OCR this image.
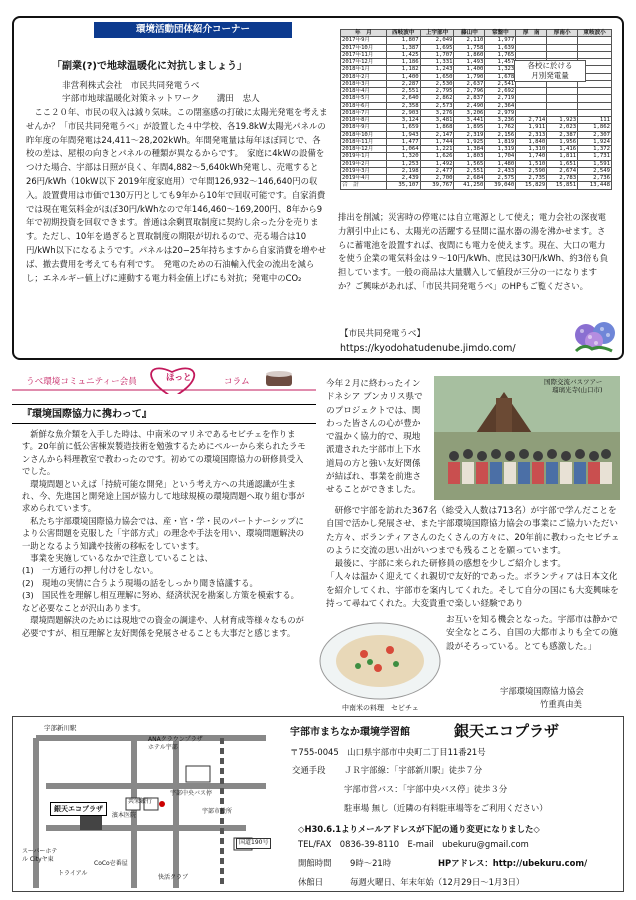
環境活動団体紹介コーナー
「副業(?)で地球温暖化に対抗しましょう」
非営利株式会社　市民共同発電うべ
宇部市地球温暖化対策ネットワーク　　溝田　忠人
ここ２０年、市民の収入は減り気味。この閉塞感の打破に太陽光発電を考えませんか？「市民共同発電うべ」が設置した４中学校、各19.8kW太陽光パネルの昨年度の年間発電は24,411〜28,202kWh。年間発電量は毎年ほぼ同じで、各校の差は、屋根の向きとパネルの種類が異なるからです。　家庭に4kWの設備をつけた場合、宇部は日照が良く、年間4,882〜5,640kWh発電し、売電すると26円/kWh（10kW以下 2019年度家庭用）で年間126,932〜146,640円の収入。設置費用は市価で130万円としても9年から10年で回収可能です。自家消費では現在電気料金がほぼ30円/kWhなので年146,460〜169,200円、8年から9年で初期投資を回収できます。普通は余剰買取制度に契約し余った分を売ります。ただし、10年を過ぎると買取制度の期限が切れるので、売る場合は10円/kWh以下になるようです。パネルは20−25年持ちますから自家消費を増やせば、撤去費用を考えても有利です。　発電のための石油輸入代金の流出を減らし；エネルギー値上げに連動する電力料金値上げにも対抗；発電中のCO₂
排出を削減；災害時の停電には自立電源として使え；電力会社の深夜電力割引中止にも、太陽光の活躍する昼間に温水器の湯を沸かせます。さらに蓄電池を設置すれば、夜間にも電力を使えます。現在、大口の電力を使う企業の電気料金は９〜10円/kWh、庶民は30円/kWh、約3倍も負担しています。一般の商品は大量購入して値段が三分の一になりますか？ご興味があれば、「市民共同発電うべ」のHPもご覧ください。
【市民共同発電うべ】
https://kyodohatudenube.jimdo.com/
年　月	西岐波中	上宇部中	藤山中	常盤中	厚　南	厚南小	東岐波小
2017年9月	1,807	2,049	2,110	1,977			
2017年10月	1,387	1,695	1,758	1,639			
2017年11月	1,425	1,707	1,860	1,765			
2017年12月	1,186	1,331	1,493	1,457			
2018年1月	1,182	1,243	1,400	1,323			
2018年2月	1,400	1,650	1,790	1,678			
2018年3月	2,287	2,530	2,637	2,541			
2018年4月	2,551	2,795	2,796	2,692			
2018年5月	2,640	2,862	2,837	2,719			
2018年6月	2,358	2,573	2,490	2,364			
2018年7月	2,903	3,276	3,206	2,979			
2018年8月	3,124	3,481	3,441	3,236	2,714	1,923	111
2018年9月	1,659	1,868	1,895	1,762	1,911	2,023	1,862
2018年10月	1,943	2,147	2,319	2,156	2,313	2,387	2,307
2018年11月	1,477	1,744	1,925	1,819	1,840	1,956	1,924
2018年12月	1,064	1,221	1,384	1,319	1,310	1,416	1,372
2019年1月	1,320	1,626	1,803	1,704	1,740	1,811	1,731
2019年2月	1,253	1,492	1,565	1,480	1,510	1,651	1,591
2019年3月	2,198	2,477	2,551	2,433	2,590	2,674	2,549
2019年4月	2,439	2,700	2,684	2,575	2,735	2,783	2,736
合　計	35,107	39,767	41,250	39,040	15,829	15,851	13,448
各校に於ける
月別発電量
うべ環境コミュニティー会員	ほっと	コラム
『環境国際協力に携わって』

新鮮な魚介類を入手した時は、中南米のマリネであるセビチェを作ります。20年前に低公害棟炭製造技術を勉強するためにペルーから来られたラモンさんから料理教室で教わったのです。初めての環境国際協力の研修員受入でした。

環境問題といえば「持続可能な開発」という考え方への共通認識が生まれ、今、先進国と開発途上国が協力して地球規模の環境問題へ取り組む事が求められています。

私たち宇部環境国際協力協会では、産・官・学・民のパートナーシップにより公害問題を克服した「宇部方式」の理念や手法を用い、環境問題解決の一助となるよう知識や技術の移転をしています。

事業を実施しているなかで注意していることは、

(1)　一方通行の押し付けをしない。

(2)　現地の実情に合うよう現場の話をしっかり聞き協議する。

(3)　国民性を理解し相互理解に努め、経済状況を勘案し方策を模索する。

など必要なことが沢山あります。

環境問題解決のためには現地での資金の調達や、人材育成等様々なものが必要ですが、相互理解と友好関係を発展させることも大事だと感じます。

今年２月に終わったインドネシア ブンカリス県でのプロジェクトでは、関わった皆さんの心が豊かで温かく協力的で、現地派遣された宇部市上下水道局の方と強い友好関係が結ばれ、事業を前進させることができました。
国際交流バスツアー
瑠璃光寺(山口市)

研修で宇部を訪れた367名（総受入人数は713名）が宇部で学んだことを自国で活かし発展させ、また宇部環境国際協力協会の事業にご協力いただいた方々、ボランティアさんのたくさんの方々に、20年前に教わったセビチェのように交流の思い出がいつまでも残ることを願っています。

最後に、宇部に来られた研修員の感想を少しご紹介します。

「人々は温かく迎えてくれ親切で友好的であった。ボランティアは日本文化を紹介してくれ、宇部市を案内してくれた。そして自分の国にも大変興味を持って尋ねてくれた。大変貴重で楽しい経験であり

中南米の料理　セビチェ
お互いを知る機会となった。宇部市は静かで安全なところ、自国の大都市よりも全ての施設がそろっている。とても感激した。」
宇部環境国際協力協会
竹重真由美
宇部新川駅
ANAクラウンプラザ ホテル宇部
共栄銀行
宇部中央バス停
宇部市役所
銀天エコプラザ
濱本医院
スーパーホテル Cityヤ東
トライアル
CoCo壱番屋
快活クラブ
国道190号
宇部市まちなか環境学習館	銀天エコプラザ
〒755-0045　山口県宇部市中央町二丁目11番21号
交通手段 ＪＲ宇部線：「宇部新川駅」徒歩７分
宇部市営バス：「宇部中央バス停」徒歩３分
駐車場 無し（近隣の有料駐車場等をご利用ください）
◇H30.6.1よりメールアドレスが下記の通り変更になりました◇
TEL/FAX　0836-39-8110　E-mail　ubekuru@gmail.com
開館時間 9時〜21時	HPアドレス：http://ubekuru.com/
休館日	毎週火曜日、年末年始（12月29日〜1月3日）
